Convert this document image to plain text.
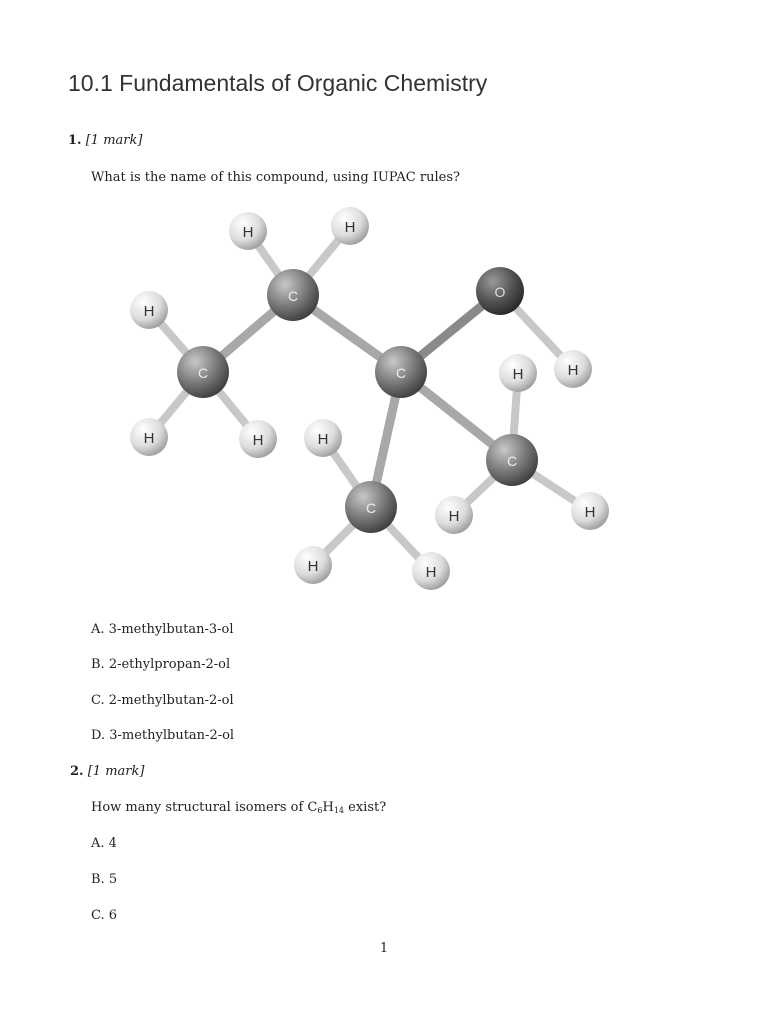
10.1 Fundamentals of Organic Chemistry
1. [1 mark]
What is the name of this compound, using IUPAC rules?
H
H	H
H	H
H
H
H	H
H
H	H
C
C
C
C
C
O
A. 3-methylbutan-3-ol
B. 2-ethylpropan-2-ol
C. 2-methylbutan-2-ol
D. 3-methylbutan-2-ol
2. [1 mark]
How many structural isomers of $C_6H_{14}$ exist?
A. 4
B. 5
C. 6
1
